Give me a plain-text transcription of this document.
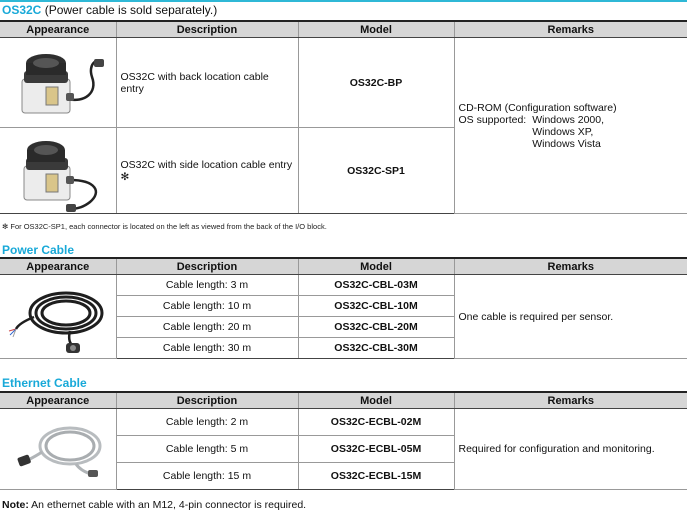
OS32C (Power cable is sold separately.)
Appearance	Description	Model	Remarks

	OS32C with back location cable entry	OS32C-BP	CD-ROM (Configuration software)
OS supported: Windows 2000,
Windows XP,
Windows Vista

	OS32C with side location cable entry ✻	OS32C-SP1	
✻ For OS32C-SP1, each connector is located on the left as viewed from the back of the I/O block.
Power Cable
Appearance	Description	Model	Remarks

	Cable length: 3 m	OS32C-CBL-03M	One cable is required per sensor.
	Cable length: 10 m	OS32C-CBL-10M	
	Cable length: 20 m	OS32C-CBL-20M	
	Cable length: 30 m	OS32C-CBL-30M	
Ethernet Cable
Appearance	Description	Model	Remarks

	Cable length: 2 m	OS32C-ECBL-02M	Required for configuration and monitoring.
	Cable length: 5 m	OS32C-ECBL-05M	
	Cable length: 15 m	OS32C-ECBL-15M	
Note: An ethernet cable with an M12, 4-pin connector is required.
